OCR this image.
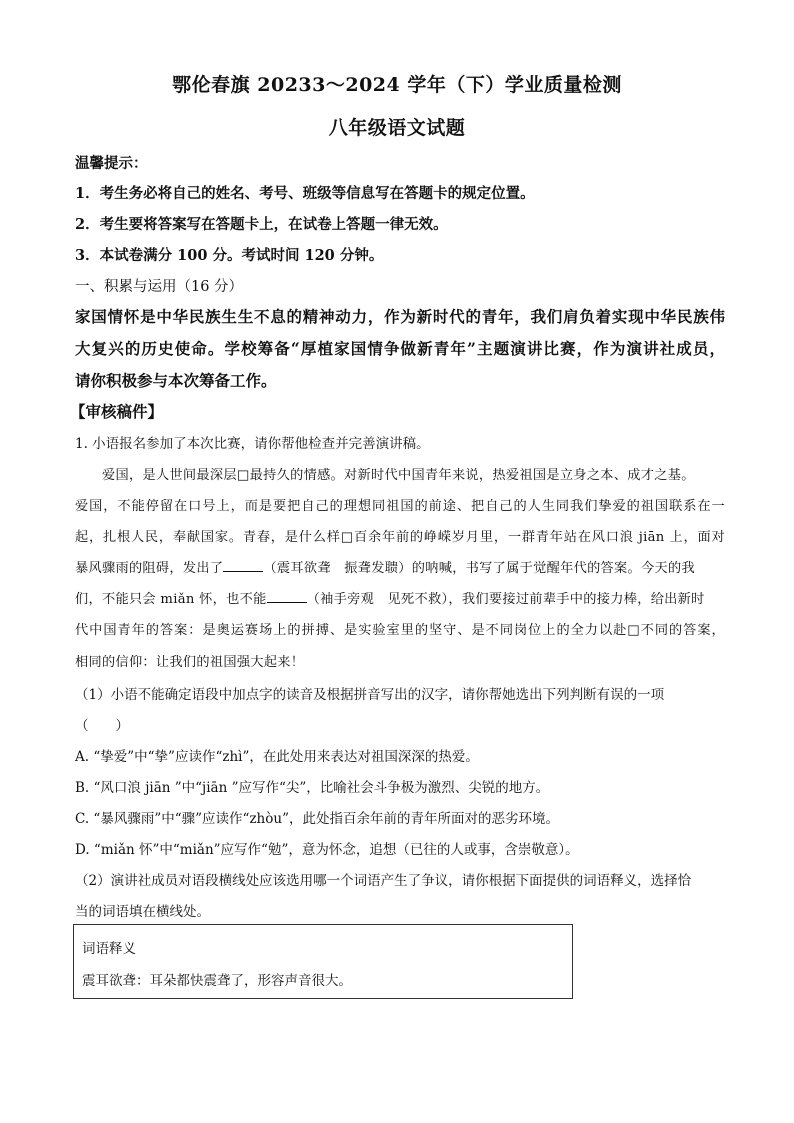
鄂伦春旗 20233～2024 学年（下）学业质量检测
八年级语文试题
温馨提示：
1．考生务必将自己的姓名、考号、班级等信息写在答题卡的规定位置。
2．考生要将答案写在答题卡上，在试卷上答题一律无效。
3．本试卷满分 100 分。考试时间 120 分钟。
一、积累与运用（16 分）
家国情怀是中华民族生生不息的精神动力，作为新时代的青年，我们肩负着实现中华民族伟
大复兴的历史使命。学校筹备“厚植家国情争做新青年”主题演讲比赛，作为演讲社成员，
请你积极参与本次筹备工作。
【审核稿件】
1. 小语报名参加了本次比赛，请你帮他检查并完善演讲稿。
爱国，是人世间最深层□最持久的情感。对新时代中国青年来说，热爱祖国是立身之本、成才之基。
爱国，不能停留在口号上，而是要把自己的理想同祖国的前途、把自己的人生同我们挚爱的祖国联系在一
起，扎根人民，奉献国家。青春，是什么样□百余年前的峥嵘岁月里，一群青年站在风口浪 jiān 上，面对
暴风骤雨的阻碍，发出了	（震耳欲聋　振聋发聩）的呐喊，书写了属于觉醒年代的答案。今天的我
们，不能只会 miǎn 怀，也不能	（袖手旁观　见死不救），我们要接过前辈手中的接力棒，给出新时
代中国青年的答案：是奥运赛场上的拼搏、是实验室里的坚守、是不同岗位上的全力以赴□不同的答案，
相同的信仰：让我们的祖国强大起来！
（1）小语不能确定语段中加点字的读音及根据拼音写出的汉字，请你帮她选出下列判断有误的一项
（　　）
A. “挚爱”中“挚”应读作“zhì”，在此处用来表达对祖国深深的热爱。
B. “风口浪 jiān ”中“jiān ”应写作“尖”，比喻社会斗争极为激烈、尖锐的地方。
C. “暴风骤雨”中“骤”应读作“zhòu”，此处指百余年前的青年所面对的恶劣环境。
D. “miǎn 怀”中“miǎn”应写作“勉”，意为怀念，追想（已往的人或事，含崇敬意）。
（2）演讲社成员对语段横线处应该选用哪一个词语产生了争议，请你根据下面提供的词语释义，选择恰
当的词语填在横线处。
词语释义
震耳欲聋：耳朵都快震聋了，形容声音很大。
